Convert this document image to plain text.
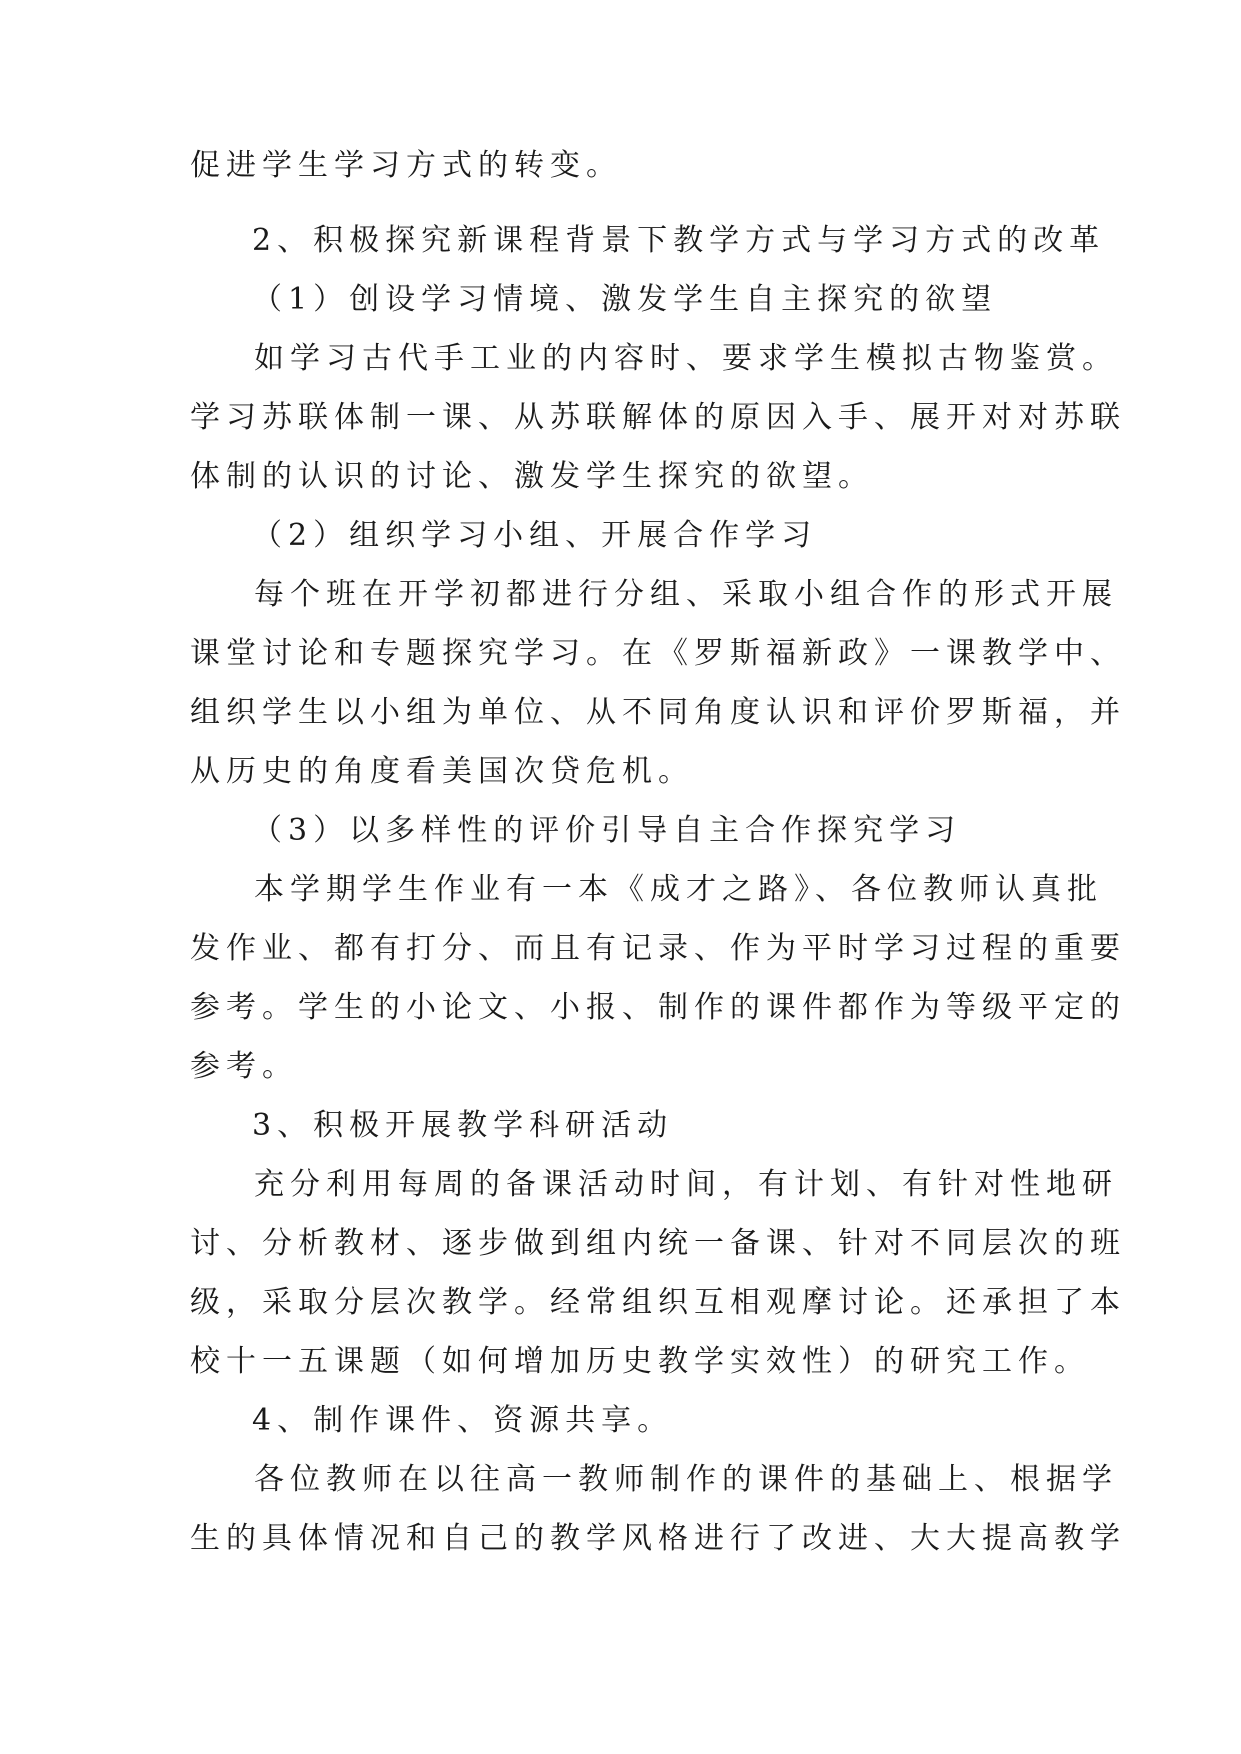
促进学生学习方式的转变。

2、积极探究新课程背景下教学方式与学习方式的改革

（1）创设学习情境、激发学生自主探究的欲望

如学习古代手工业的内容时、要求学生模拟古物鉴赏。

学习苏联体制一课、从苏联解体的原因入手、展开对对苏联

体制的认识的讨论、激发学生探究的欲望。

（2）组织学习小组、开展合作学习

每个班在开学初都进行分组、采取小组合作的形式开展

课堂讨论和专题探究学习。在《罗斯福新政》一课教学中、

组织学生以小组为单位、从不同角度认识和评价罗斯福，并

从历史的角度看美国次贷危机。

（3）以多样性的评价引导自主合作探究学习

本学期学生作业有一本《成才之路》、各位教师认真批

发作业、都有打分、而且有记录、作为平时学习过程的重要

参考。学生的小论文、小报、制作的课件都作为等级平定的

参考。

3、积极开展教学科研活动

充分利用每周的备课活动时间，有计划、有针对性地研

讨、分析教材、逐步做到组内统一备课、针对不同层次的班

级，采取分层次教学。经常组织互相观摩讨论。还承担了本

校十一五课题（如何增加历史教学实效性）的研究工作。

4、制作课件、资源共享。

各位教师在以往高一教师制作的课件的基础上、根据学

生的具体情况和自己的教学风格进行了改进、大大提高教学
